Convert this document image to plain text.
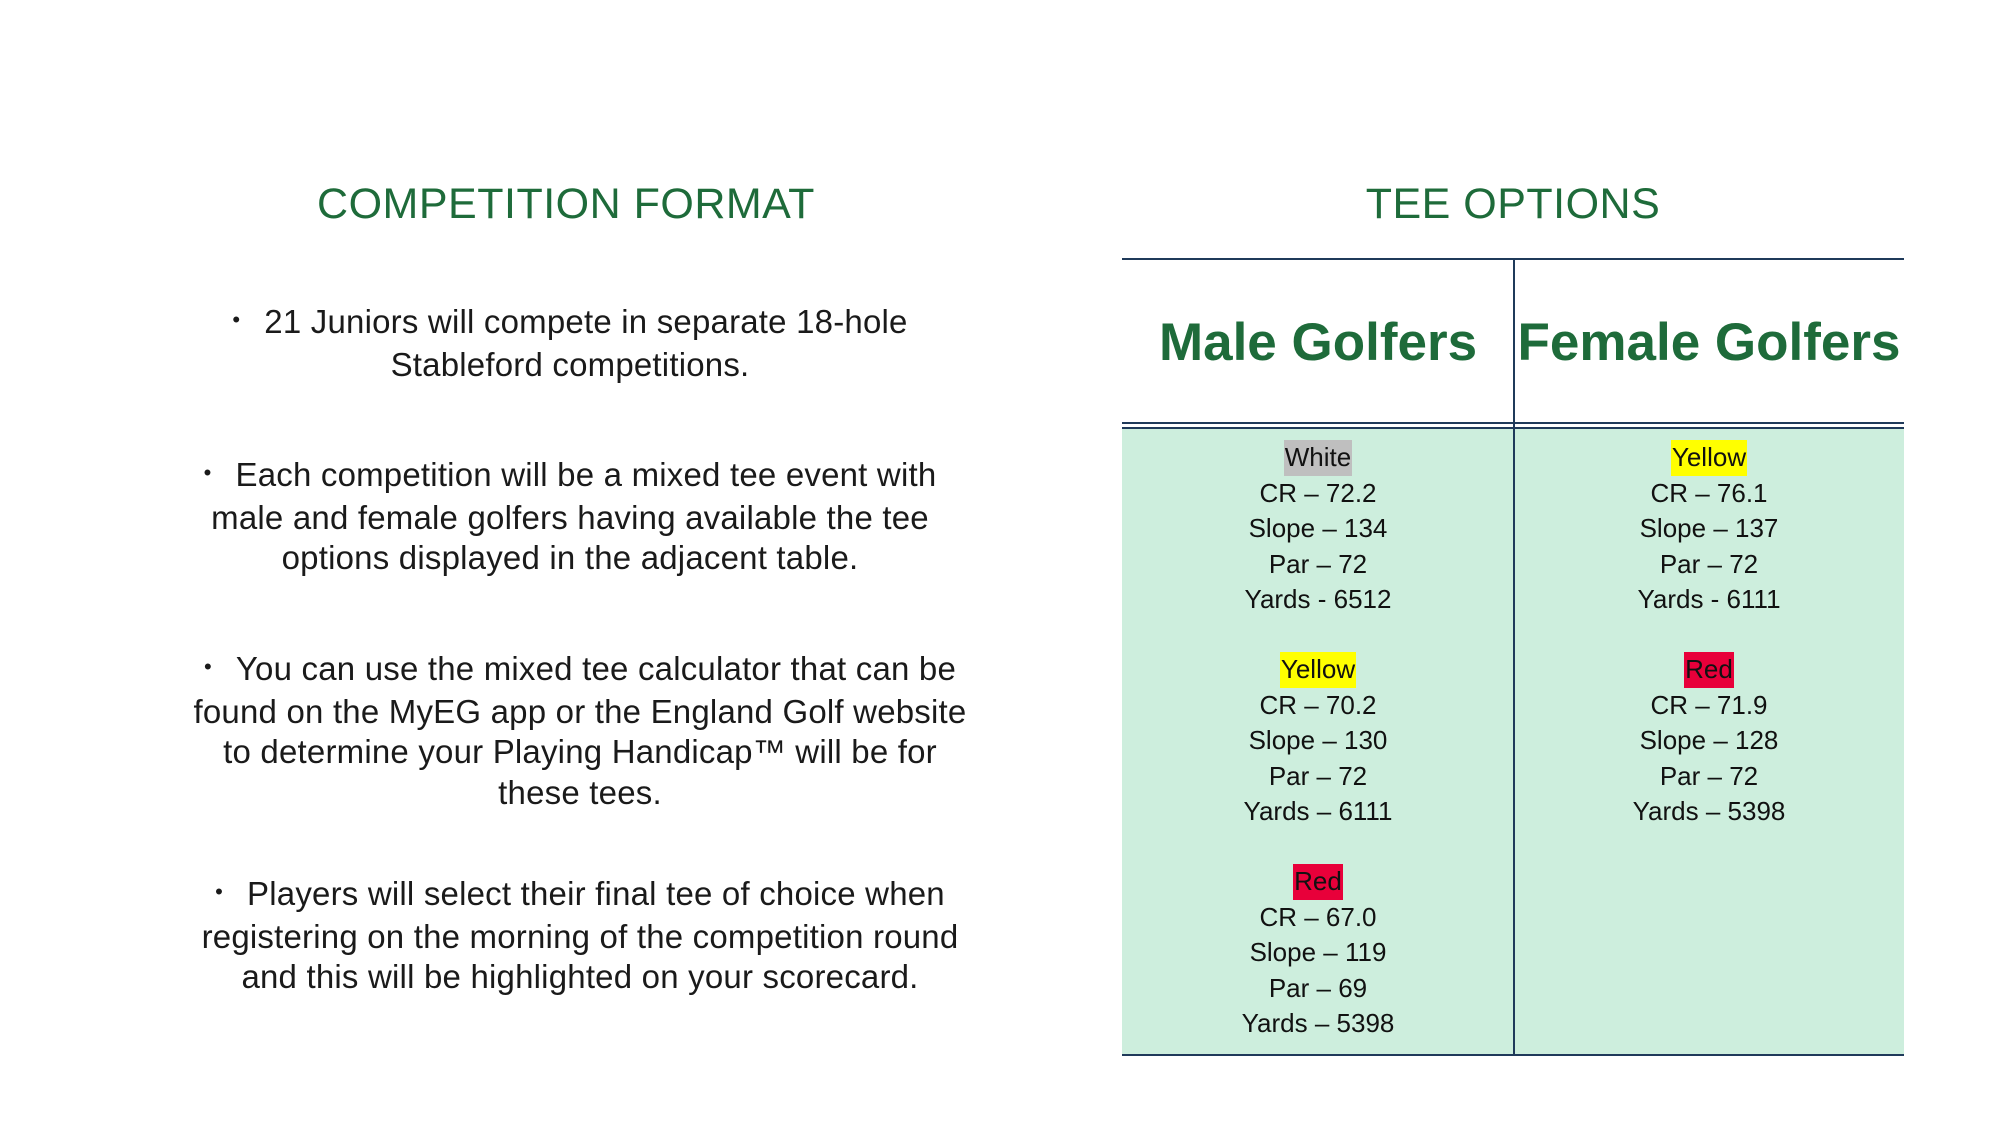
COMPETITION FORMAT	TEE OPTIONS
• 21 Juniors will compete in separate 18-hole
Stableford competitions.
• Each competition will be a mixed tee event with
male and female golfers having available the tee
options displayed in the adjacent table.
• You can use the mixed tee calculator that can be
found on the MyEG app or the England Golf website
to determine your Playing Handicap™ will be for
these tees.
• Players will select their final tee of choice when
registering on the morning of the competition round
and this will be highlighted on your scorecard.
Male Golfers Female Golfers
White
CR – 72.2
Slope – 134
Par – 72
Yards - 6512
Yellow
CR – 70.2
Slope – 130
Par – 72
Yards – 6111
Red
CR – 67.0
Slope – 119
Par – 69
Yards – 5398
Yellow
CR – 76.1
Slope – 137
Par – 72
Yards - 6111
Red
CR – 71.9
Slope – 128
Par – 72
Yards – 5398
